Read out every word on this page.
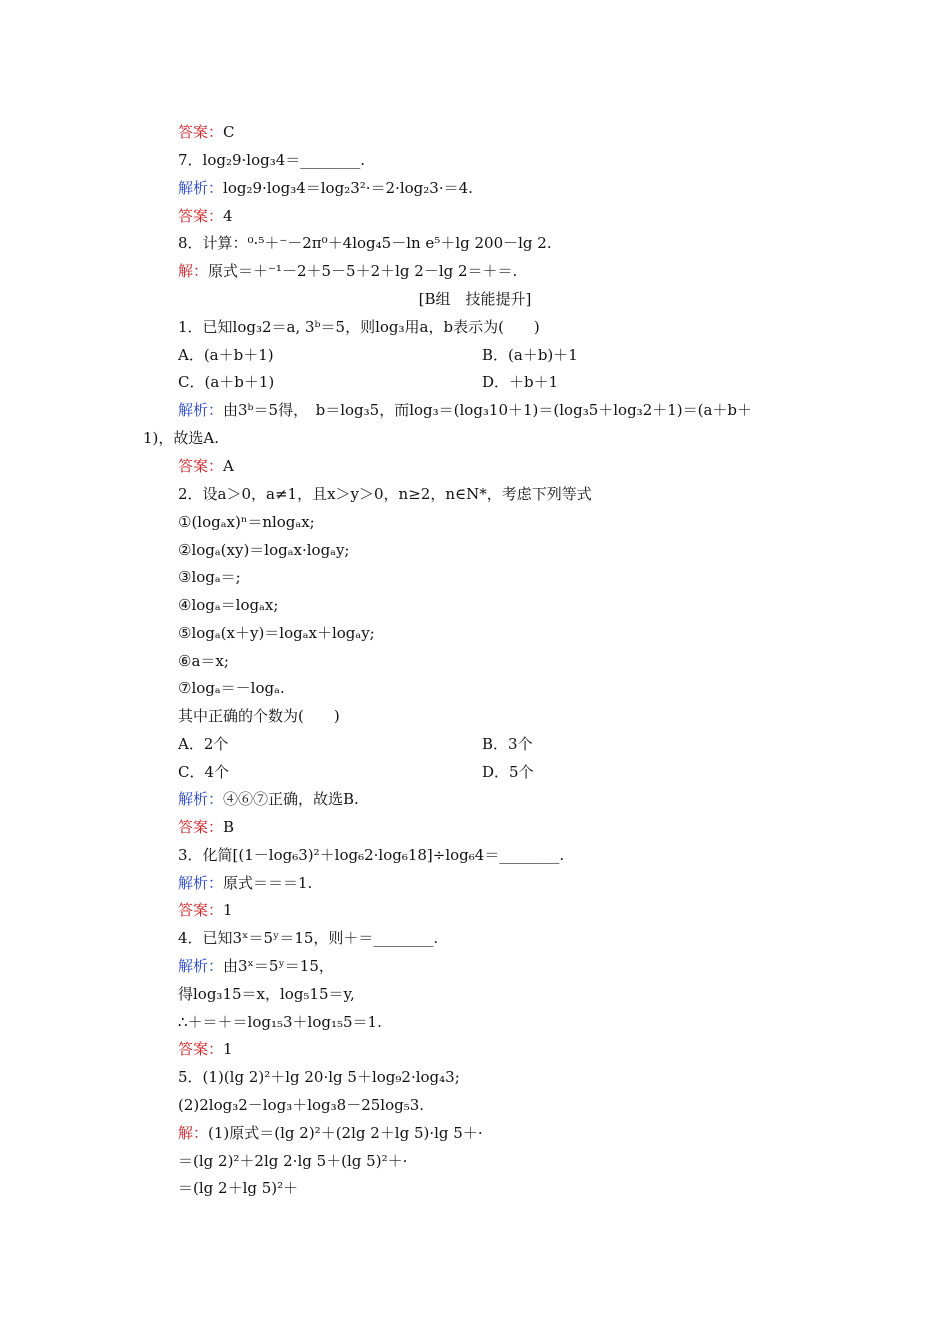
答案：C
7．log₂9·log₃4＝________.
解析：log₂9·log₃4＝log₂3²·＝2·log₂3·＝4.
答案：4
8．计算：⁰·⁵＋⁻－2π⁰＋4log₄5－ln e⁵＋lg 200－lg 2.
解：原式＝＋⁻¹－2＋5－5＋2＋lg 2－lg 2＝＋＝.
[B组　技能提升]
1．已知log₃2＝a, 3ᵇ＝5，则log₃用a，b表示为(　　)
A．(a＋b＋1)	B．(a＋b)＋1
C．(a＋b＋1)	D．＋b＋1
解析：由3ᵇ＝5得，　b＝log₃5，而log₃＝(log₃10＋1)＝(log₃5＋log₃2＋1)＝(a＋b＋
1)，故选A.
答案：A
2．设a＞0，a≠1，且x＞y＞0，n≥2，n∈N*，考虑下列等式
①(logₐx)ⁿ＝nlogₐx;
②logₐ(xy)＝logₐx·logₐy;
③logₐ＝;
④logₐ＝logₐx;
⑤logₐ(x＋y)＝logₐx＋logₐy;
⑥a＝x;
⑦logₐ＝－logₐ.
其中正确的个数为(　　)
A．2个	B．3个
C．4个	D．5个
解析：④⑥⑦正确，故选B.
答案：B
3．化简[(1－log₆3)²＋log₆2·log₆18]÷log₆4＝________.
解析：原式＝＝＝1.
答案：1
4．已知3ˣ＝5ʸ＝15，则＋＝________.
解析：由3ˣ＝5ʸ＝15，
得log₃15＝x，log₅15＝y,
∴＋＝＋＝log₁₅3＋log₁₅5＝1.
答案：1
5．(1)(lg 2)²＋lg 20·lg 5＋log₉2·log₄3;
(2)2log₃2－log₃＋log₃8－25log₅3.
解：(1)原式＝(lg 2)²＋(2lg 2＋lg 5)·lg 5＋·
＝(lg 2)²＋2lg 2·lg 5＋(lg 5)²＋·
＝(lg 2＋lg 5)²＋
